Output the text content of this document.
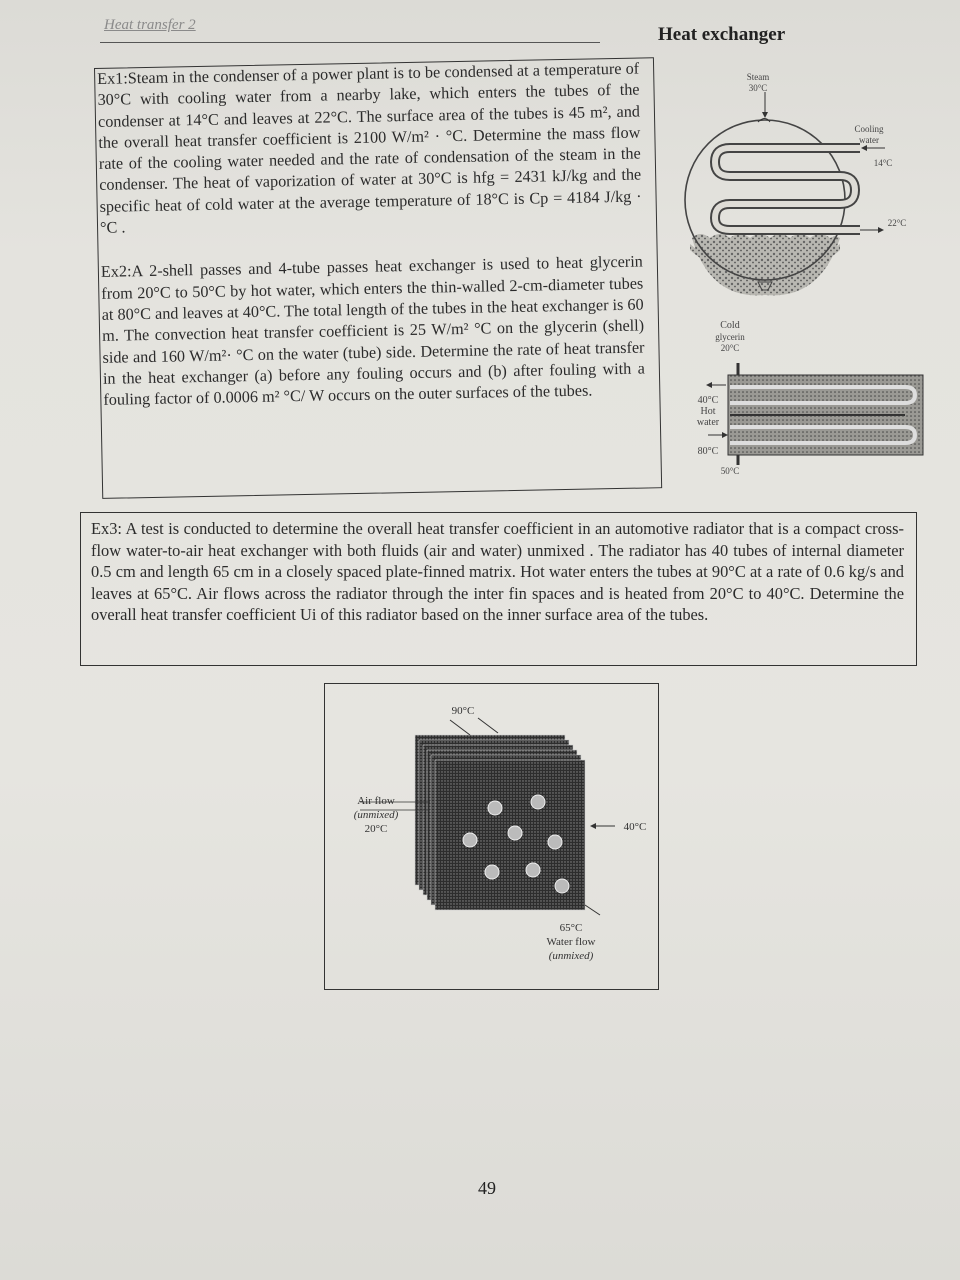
Heat transfer 2	Heat exchanger

Ex1:Steam in the condenser of a power plant is to be condensed at a temperature of 30°C with cooling water from a nearby lake, which enters the tubes of the condenser at 14°C and leaves at 22°C. The surface area of the tubes is 45 m², and the overall heat transfer coefficient is 2100 W/m² · °C. Determine the mass flow rate of the cooling water needed and the rate of condensation of the steam in the condenser. The heat of vaporization of water at 30°C is hfg = 2431 kJ/kg and the specific heat of cold water at the average temperature of 18°C is Cp = 4184 J/kg · °C .

Ex2:A 2-shell passes and 4-tube passes heat exchanger is used to heat glycerin from 20°C to 50°C by hot water, which enters the thin-walled 2-cm-diameter tubes at 80°C and leaves at 40°C. The total length of the tubes in the heat exchanger is 60 m. The convection heat transfer coefficient is 25 W/m² °C on the glycerin (shell) side and 160 W/m²· °C on the water (tube) side. Determine the rate of heat transfer in the heat exchanger (a) before any fouling occurs and (b) after fouling with a fouling factor of 0.0006 m² °C/ W occurs on the outer surfaces of the tubes.

Steam
30°C
Cooling
water
14°C
22°C
Cold
glycerin
20°C
40°C
Hot
water
80°C
50°C
Ex3: A test is conducted to determine the overall heat transfer coefficient in an automotive radiator that is a compact cross-flow water-to-air heat exchanger with both fluids (air and water) unmixed . The radiator has 40 tubes of internal diameter 0.5 cm and length 65 cm in a closely spaced plate-finned matrix. Hot water enters the tubes at 90°C at a rate of 0.6 kg/s and leaves at 65°C. Air flows across the radiator through the inter fin spaces and is heated from 20°C to 40°C. Determine the overall heat transfer coefficient Ui of this radiator based on the inner surface area of the tubes.
90°C
Air flow
(unmixed)
20°C	40°C
65°C
Water flow
(unmixed)
49
